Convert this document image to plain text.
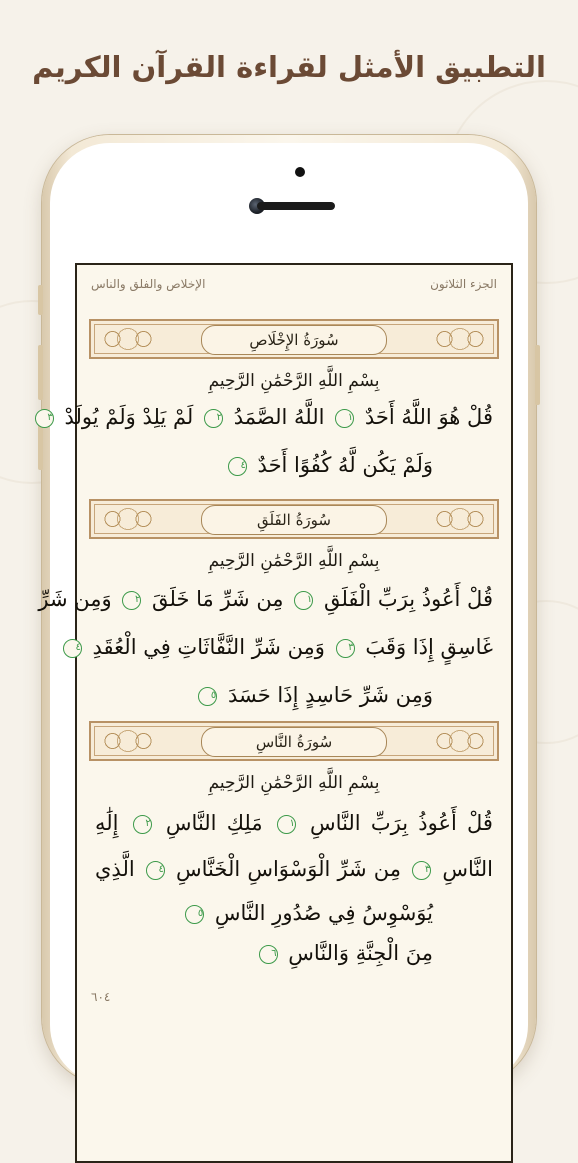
التطبيق الأمثل لقراءة القرآن الكريم
الجزء الثلاثون
الإخلاص والفلق والناس
سُورَةُ الإِخْلَاصِ
بِسْمِ اللَّهِ الرَّحْمَٰنِ الرَّحِيمِ
قُلْ هُوَ اللَّهُ أَحَدٌ ١ اللَّهُ الصَّمَدُ ٢ لَمْ يَلِدْ وَلَمْ يُولَدْ ٣
وَلَمْ يَكُن لَّهُ كُفُوًا أَحَدٌ ٤
سُورَةُ الفَلَقِ
بِسْمِ اللَّهِ الرَّحْمَٰنِ الرَّحِيمِ
قُلْ أَعُوذُ بِرَبِّ الْفَلَقِ ١ مِن شَرِّ مَا خَلَقَ ٢ وَمِن شَرِّ
غَاسِقٍ إِذَا وَقَبَ ٣ وَمِن شَرِّ النَّفَّاثَاتِ فِي الْعُقَدِ ٤
وَمِن شَرِّ حَاسِدٍ إِذَا حَسَدَ ٥
سُورَةُ النَّاسِ
بِسْمِ اللَّهِ الرَّحْمَٰنِ الرَّحِيمِ
قُلْ أَعُوذُ بِرَبِّ النَّاسِ ١ مَلِكِ النَّاسِ ٢ إِلَٰهِ
النَّاسِ ٣ مِن شَرِّ الْوَسْوَاسِ الْخَنَّاسِ ٤ الَّذِي
يُوَسْوِسُ فِي صُدُورِ النَّاسِ ٥
مِنَ الْجِنَّةِ وَالنَّاسِ ٦
٦٠٤
